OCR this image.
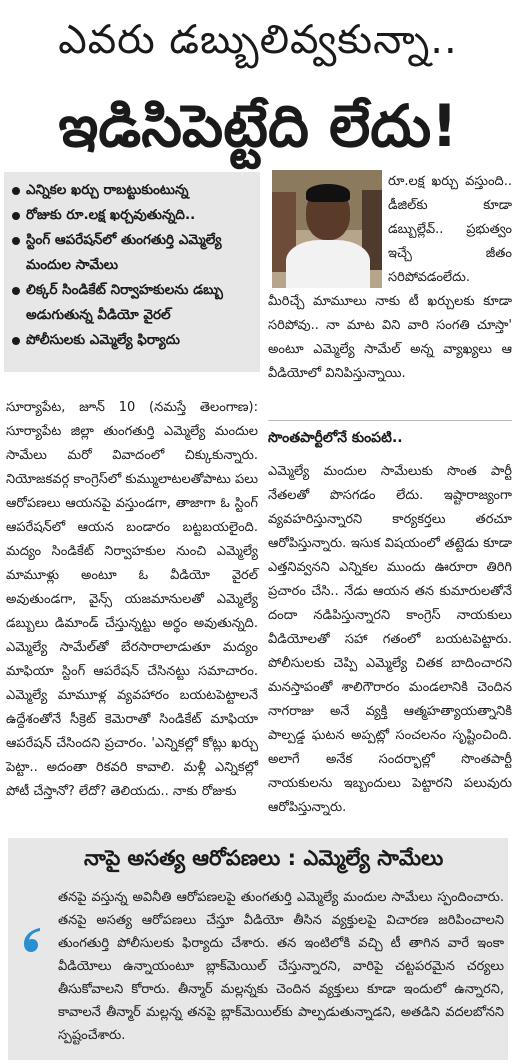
ఎవరు డబ్బులివ్వకున్నా..
ఇడిసిపెట్టేది లేదు!
ఎన్నికల ఖర్చు రాబట్టుకుంటున్న
రోజుకు రూ.లక్ష ఖర్చవుతున్నది..
స్టింగ్ ఆపరేషన్‌లో తుంగతుర్తి ఎమ్మెల్యే మందుల సామేలు
లిక్కర్ సిండికేట్ నిర్వాహకులను డబ్బు అడుగుతున్న వీడియో వైరల్
పోలీసులకు ఎమ్మెల్యే ఫిర్యాదు
రూ.లక్ష ఖర్చు వస్తుంది.. డీజిల్‌కు కూడా డబ్బుల్లేవ్.. ప్రభుత్వం ఇచ్చే జీతం సరిపోవడంలేదు.
మీరిచ్చే మామూలు నాకు టీ ఖర్చులకు కూడా సరిపోవు.. నా మాట విని వారి సంగతి చూస్తా' అంటూ ఎమ్మెల్యే సామేల్ అన్న వ్యాఖ్యలు ఆ వీడియోలో వినిపిస్తున్నాయి.
సొంతపార్టీలోనే కుంపటి..
ఎమ్మెల్యే మందుల సామేలుకు సొంత పార్టీ నేతలతో పొసగడం లేదు. ఇష్టారాజ్యంగా వ్యవహరిస్తున్నారని కార్యకర్తలు తరచూ ఆరోపిస్తున్నారు. ఇసుక విషయంలో తట్టెడు కూడా ఎత్తనివ్వనని ఎన్నికల ముందు ఊరూరా తిరిగి ప్రచారం చేసి.. నేడు ఆయన తన కుమారులతోనే దందా నడిపిస్తున్నారని కాంగ్రెస్ నాయకులు వీడియోలతో సహా గతంలో బయటపెట్టారు. పోలీసులకు చెప్పి ఎమ్మెల్యే చితక బాదించారని మనస్తాపంతో శాలిగౌరారం మండలానికి చెందిన నాగరాజు అనే వ్యక్తి ఆత్మహత్యాయత్నానికి పాల్పడ్డ ఘటన అప్పట్లో సంచలనం సృష్టించింది. అలాగే అనేక సందర్భాల్లో సొంతపార్టీ నాయకులను ఇబ్బందులు పెట్టారని పలువురు ఆరోపిస్తున్నారు.
సూర్యాపేట, జూన్ 10 (నమస్తే తెలంగాణ): సూర్యాపేట జిల్లా తుంగతుర్తి ఎమ్మెల్యే మందుల సామేలు మరో వివాదంలో చిక్కుకున్నారు. నియోజకవర్గ కాంగ్రెస్‌లో కుమ్ములాటలతోపాటు పలు ఆరోపణలు ఆయనపై వస్తుండగా, తాజాగా ఓ స్టింగ్ ఆపరేషన్‌లో ఆయన బండారం బట్టబయలైంది. మద్యం సిండికేట్ నిర్వాహకుల నుంచి ఎమ్మెల్యే మామూళ్లు అంటూ ఓ వీడియో వైరల్ అవుతుండగా, వైన్స్ యజమానులతో ఎమ్మెల్యే డబ్బులు డిమాండ్ చేస్తున్నట్టు అర్థం అవుతున్నది. ఎమ్మెల్యే సామేల్‌తో బేరసారాలాడుతూ మద్యం మాఫియా స్టింగ్ ఆపరేషన్ చేసినట్టు సమాచారం. ఎమ్మెల్యే మామూళ్ల వ్యవహారం బయటపెట్టాలనే ఉద్దేశంతోనే సీక్రెట్ కెమెరాతో సిండికేట్ మాఫియా ఆపరేషన్ చేసిందని ప్రచారం. 'ఎన్నికల్లో కోట్లు ఖర్చు పెట్టా.. అదంతా రికవరి కావాలి. మళ్లీ ఎన్నికల్లో పోటీ చేస్తానో? లేదో? తెలియదు.. నాకు రోజుకు
నాపై అసత్య ఆరోపణలు : ఎమ్మెల్యే సామేలు
తనపై వస్తున్న అవినీతి ఆరోపణలపై తుంగతుర్తి ఎమ్మెల్యే మందుల సామేలు స్పందించారు. తనపై అసత్య ఆరోపణలు చేస్తూ వీడియో తీసిన వ్యక్తులపై విచారణ జరిపించాలని తుంగతుర్తి పోలీసులకు ఫిర్యాదు చేశారు. తన ఇంటిలోకి వచ్చి టీ తాగిన వారే ఇంకా వీడియోలు ఉన్నాయంటూ బ్లాక్‌మెయిల్ చేస్తున్నారని, వారిపై చట్టపరమైన చర్యలు తీసుకోవాలని కోరారు. తీన్మార్ మల్లన్నకు చెందిన వ్యక్తులు కూడా ఇందులో ఉన్నారని, కావాలనే తీన్మార్ మల్లన్న తనపై బ్లాక్‌మెయిల్‌కు పాల్పడుతున్నాడని, అతడిని వదలబోనని స్పష్టంచేశారు.
